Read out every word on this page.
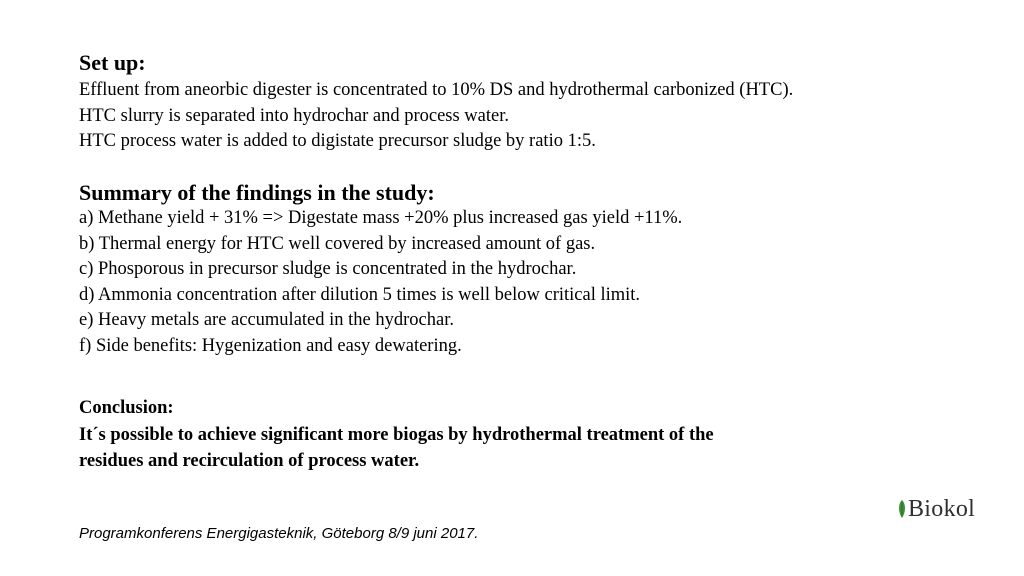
Set up:
Effluent from aneorbic digester is concentrated to 10% DS and hydrothermal carbonized (HTC).
HTC slurry is separated into hydrochar and process water.
HTC process water is added to digistate precursor sludge by ratio 1:5.
Summary of the findings in the study:
a) Methane yield + 31% => Digestate mass +20% plus increased gas yield +11%.
b) Thermal energy for HTC well covered by increased amount of gas.
c) Phosporous in precursor sludge is concentrated in the hydrochar.
d) Ammonia concentration after dilution 5 times is well below critical limit.
e) Heavy metals are accumulated in the hydrochar.
f) Side benefits: Hygenization and easy dewatering.
Conclusion:
It´s possible to achieve significant more biogas by hydrothermal treatment of the
residues and recirculation of process water.
Programkonferens Energigasteknik, Göteborg 8/9 juni 2017.
Biokol
